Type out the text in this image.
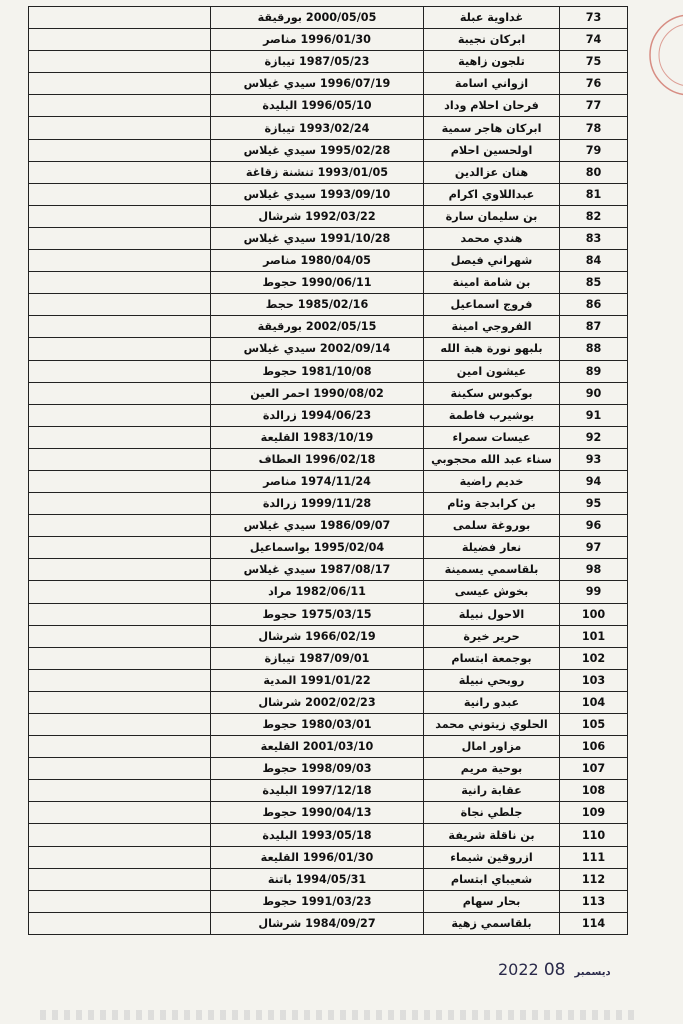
73	غداوية عبلة	2000/05/05 بورقيقة	
74	ابركان نجيبة	1996/01/30 مناصر	
75	تلجون زاهية	1987/05/23 تيبازة	
76	ازواني اسامة	1996/07/19 سيدي غيلاس	
77	فرحان احلام وداد	1996/05/10 البليدة	
78	ابركان هاجر سمية	1993/02/24 تيبازة	
79	اولحسين احلام	1995/02/28 سيدي غيلاس	
80	هنان عزالدين	1993/01/05 تنشنة زقاغة	
81	عبداللاوي اكرام	1993/09/10 سيدي غيلاس	
82	بن سليمان سارة	1992/03/22 شرشال	
83	هندي محمد	1991/10/28 سيدي غيلاس	
84	شهراني فيصل	1980/04/05 مناصر	
85	بن شامة امينة	1990/06/11 حجوط	
86	فروج اسماعيل	1985/02/16 حجط	
87	الفروجي امينة	2002/05/15 بورقيقة	
88	بلبهو نورة هبة الله	2002/09/14 سيدي غيلاس	
89	عيشون امين	1981/10/08 حجوط	
90	بوكبوس سكينة	1990/08/02 احمر العين	
91	بوشيرب فاطمة	1994/06/23 زرالدة	
92	عيسات سمراء	1983/10/19 القليعة	
93	سناء عبد الله محجوبي	1996/02/18 العطاف	
94	خديم راضية	1974/11/24 مناصر	
95	بن كرابدجة وئام	1999/11/28 زرالدة	
96	بوروغة سلمى	1986/09/07 سيدي غيلاس	
97	نعار فضيلة	1995/02/04 بواسماعيل	
98	بلقاسمي يسمينة	1987/08/17 سيدي غيلاس	
99	بخوش عيسى	1982/06/11 مراد	
100	الاحول نبيلة	1975/03/15 حجوط	
101	حرير خيرة	1966/02/19 شرشال	
102	بوجمعة ابتسام	1987/09/01 تيبازة	
103	روبحي نبيلة	1991/01/22 المدية	
104	عبدو رانية	2002/02/23 شرشال	
105	الحلوي زيتوني محمد	1980/03/01 حجوط	
106	مزاور امال	2001/03/10 القليعة	
107	بوحية مريم	1998/09/03 حجوط	
108	عقابة رانية	1997/12/18 البليدة	
109	جلطي نجاة	1990/04/13 حجوط	
110	بن ناقلة شريفة	1993/05/18 البليدة	
111	ازروقين شيماء	1996/01/30 القليعة	
112	شعيباي ابتسام	1994/05/31 باتنة	
113	بحار سهام	1991/03/23 حجوط	
114	بلقاسمي زهية	1984/09/27 شرشال	
2022	ديسمبر 08
